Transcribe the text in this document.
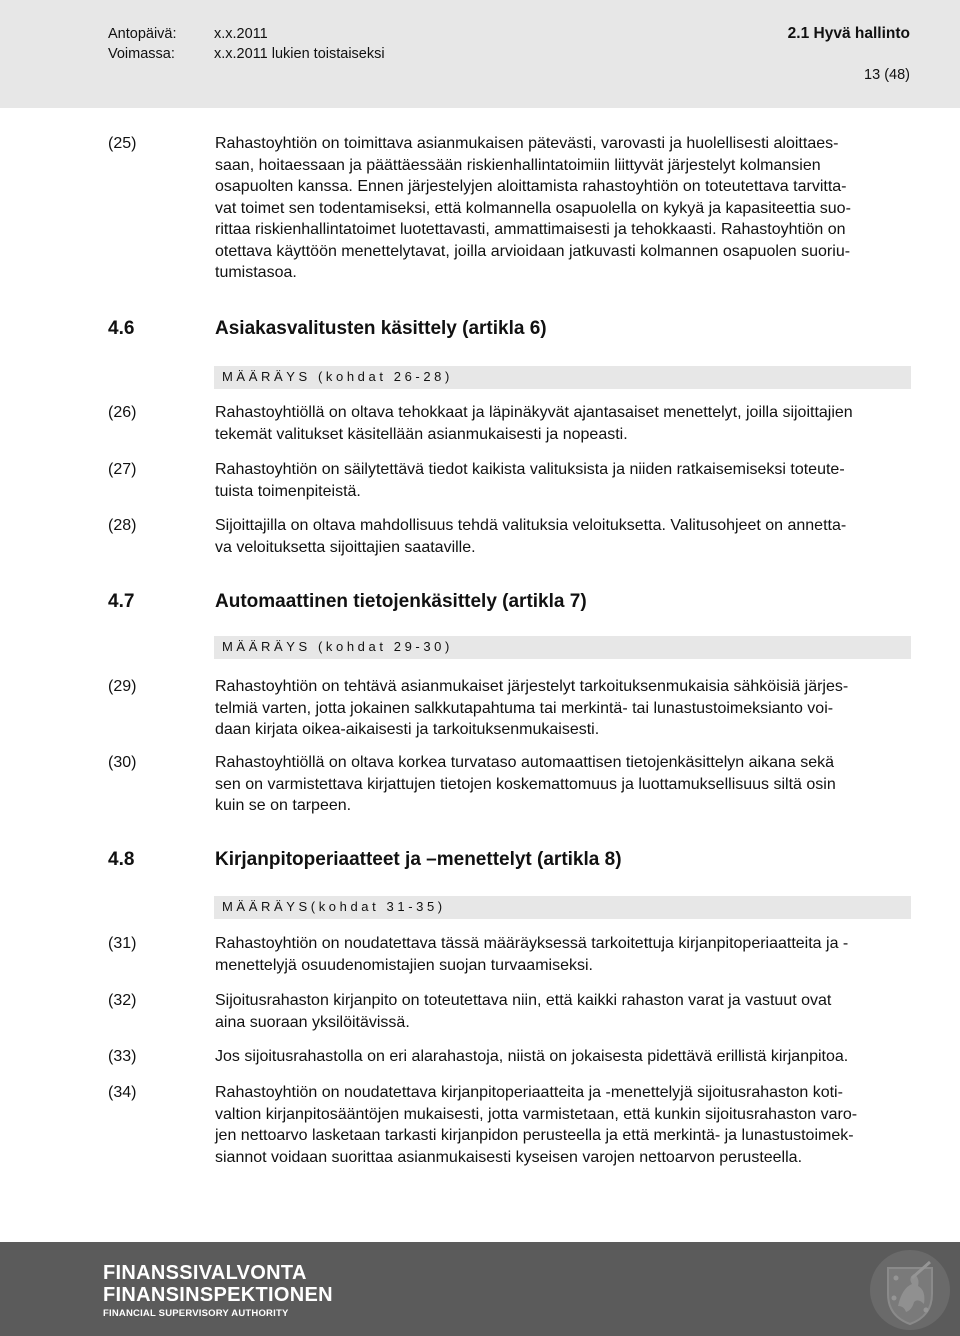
Antopäivä:	x.x.2011
Voimassa:	x.x.2011 lukien toistaiseksi
2.1 Hyvä hallinto
13 (48)
(25)	Rahastoyhtiön on toimittava asianmukaisen pätevästi, varovasti ja huolellisesti aloittaes-
saan, hoitaessaan ja päättäessään riskienhallintatoimiin liittyvät järjestelyt kolmansien
osapuolten kanssa. Ennen järjestelyjen aloittamista rahastoyhtiön on toteutettava tarvitta-
vat toimet sen todentamiseksi, että kolmannella osapuolella on kykyä ja kapasiteettia suo-
rittaa riskienhallintatoimet luotettavasti, ammattimaisesti ja tehokkaasti. Rahastoyhtiön on
otettava käyttöön menettelytavat, joilla arvioidaan jatkuvasti kolmannen osapuolen suoriu-
tumistasoa.
4.6	Asiakasvalitusten käsittely (artikla 6)
MÄÄRÄYS (kohdat 26-28)
(26)	Rahastoyhtiöllä on oltava tehokkaat ja läpinäkyvät ajantasaiset menettelyt, joilla sijoittajien
tekemät valitukset käsitellään asianmukaisesti ja nopeasti.
(27)	Rahastoyhtiön on säilytettävä tiedot kaikista valituksista ja niiden ratkaisemiseksi toteute-
tuista toimenpiteistä.
(28)	Sijoittajilla on oltava mahdollisuus tehdä valituksia veloituksetta. Valitusohjeet on annetta-
va veloituksetta sijoittajien saataville.
4.7	Automaattinen tietojenkäsittely (artikla 7)
MÄÄRÄYS (kohdat 29-30)
(29)	Rahastoyhtiön on tehtävä asianmukaiset järjestelyt tarkoituksenmukaisia sähköisiä järjes-
telmiä varten, jotta jokainen salkkutapahtuma tai merkintä- tai lunastustoimeksianto voi-
daan kirjata oikea-aikaisesti ja tarkoituksenmukaisesti.
(30)	Rahastoyhtiöllä on oltava korkea turvataso automaattisen tietojenkäsittelyn aikana sekä
sen on varmistettava kirjattujen tietojen koskemattomuus ja luottamuksellisuus siltä osin
kuin se on tarpeen.
4.8	Kirjanpitoperiaatteet ja –menettelyt (artikla 8)
MÄÄRÄYS(kohdat 31-35)
(31)	Rahastoyhtiön on noudatettava tässä määräyksessä tarkoitettuja kirjanpitoperiaatteita ja -
menettelyjä osuudenomistajien suojan turvaamiseksi.
(32)	Sijoitusrahaston kirjanpito on toteutettava niin, että kaikki rahaston varat ja vastuut ovat
aina suoraan yksilöitävissä.
(33)	Jos sijoitusrahastolla on eri alarahastoja, niistä on jokaisesta pidettävä erillistä kirjanpitoa.
(34)	Rahastoyhtiön on noudatettava kirjanpitoperiaatteita ja -menettelyjä sijoitusrahaston koti-
valtion kirjanpitosääntöjen mukaisesti, jotta varmistetaan, että kunkin sijoitusrahaston varo-
jen nettoarvo lasketaan tarkasti kirjanpidon perusteella ja että merkintä- ja lunastustoimek-
siannot voidaan suorittaa asianmukaisesti kyseisen varojen nettoarvon perusteella.
FINANSSIVALVONTA
FINANSINSPEKTIONEN
FINANCIAL SUPERVISORY AUTHORITY
